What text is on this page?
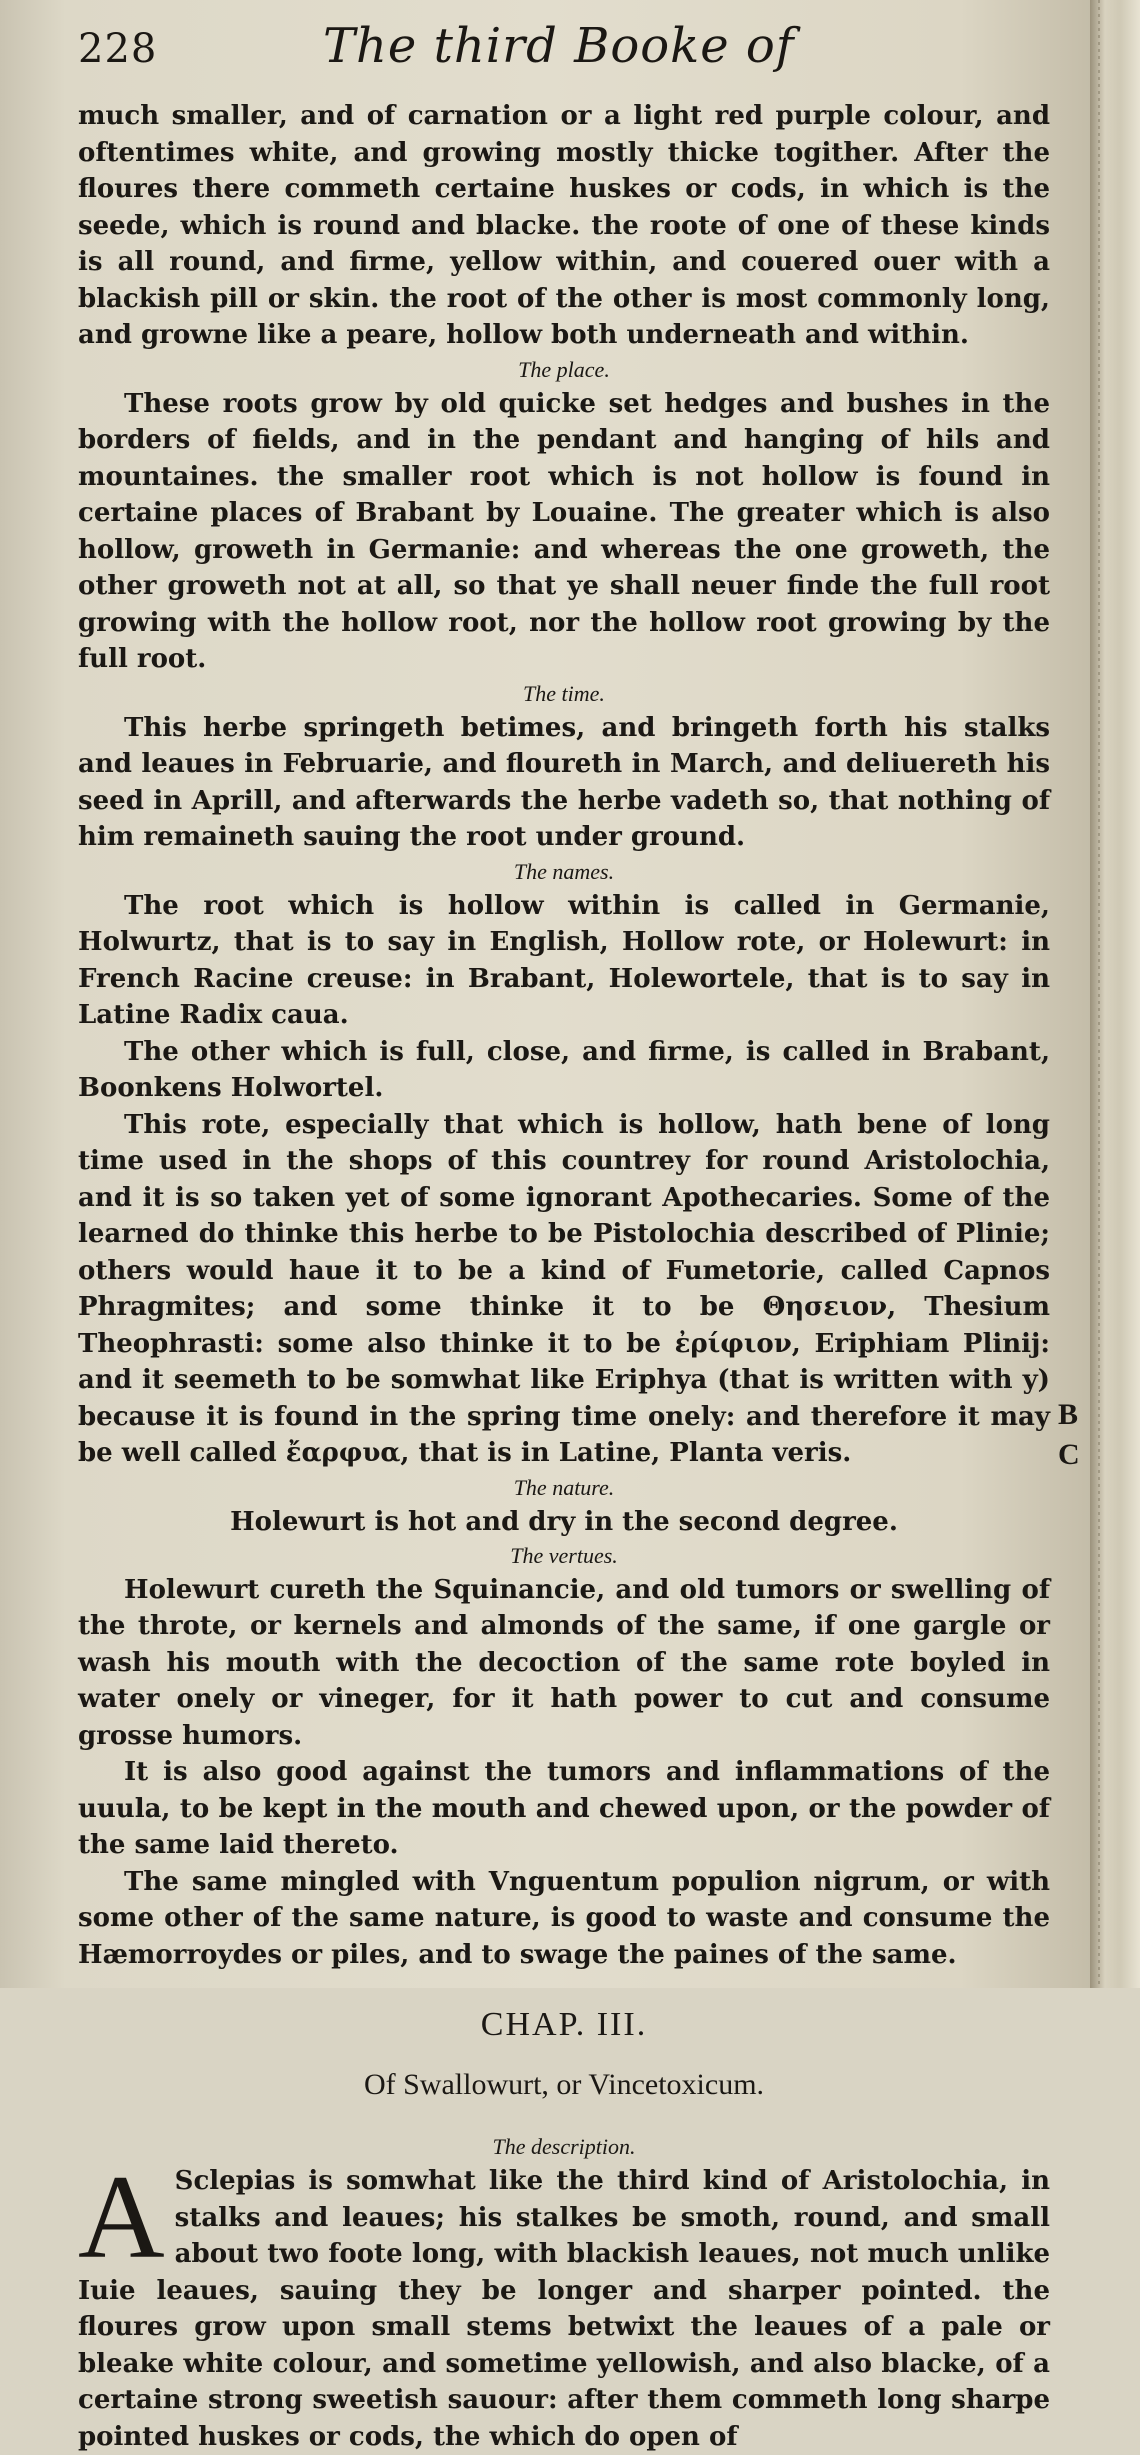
228	The third Booke of

much smaller, and of carnation or a light red purple colour, and oftentimes white, and growing mostly thicke togither. After the floures there commeth certaine huskes or cods, in which is the seede, which is round and blacke. the roote of one of these kinds is all round, and firme, yellow within, and couered ouer with a blackish pill or skin. the root of the other is most commonly long, and growne like a peare, hollow both underneath and within.

The place.

These roots grow by old quicke set hedges and bushes in the borders of fields, and in the pendant and hanging of hils and mountaines. the smaller root which is not hollow is found in certaine places of Brabant by Louaine. The greater which is also hollow, groweth in Germanie: and whereas the one groweth, the other groweth not at all, so that ye shall neuer finde the full root growing with the hollow root, nor the hollow root growing by the full root.

The time.

This herbe springeth betimes, and bringeth forth his stalks and leaues in Februarie, and floureth in March, and deliuereth his seed in Aprill, and afterwards the herbe vadeth so, that nothing of him remaineth sauing the root under ground.

The names.

The root which is hollow within is called in Germanie, Holwurtz, that is to say in English, Hollow rote, or Holewurt: in French Racine creuse: in Brabant, Holewortele, that is to say in Latine Radix caua.

The other which is full, close, and firme, is called in Brabant, Boonkens Holwortel.

This rote, especially that which is hollow, hath bene of long time used in the shops of this countrey for round Aristolochia, and it is so taken yet of some ignorant Apothecaries. Some of the learned do thinke this herbe to be Pistolochia described of Plinie; others would haue it to be a kind of Fumetorie, called Capnos Phragmites; and some thinke it to be Θησειον, Thesium Theophrasti: some also thinke it to be ἐρίφιον, Eriphiam Plinij: and it seemeth to be somwhat like Eriphya (that is written with y) because it is found in the spring time onely: and therefore it may be well called ἔαρφυα, that is in Latine, Planta veris.

The nature.

Holewurt is hot and dry in the second degree.

The vertues.

Holewurt cureth the Squinancie, and old tumors or swelling of the throte, or kernels and almonds of the same, if one gargle or wash his mouth with the decoction of the same rote boyled in water onely or vineger, for it hath power to cut and consume grosse humors.

It is also good against the tumors and inflammations of the uuula, to be kept in the mouth and chewed upon, or the powder of the same laid thereto.

The same mingled with Vnguentum populion nigrum, or with some other of the same nature, is good to waste and consume the Hæmorroydes or piles, and to swage the paines of the same.

CHAP. III.
Of Swallowurt, or Vincetoxicum.
The description.

A Sclepias is somwhat like the third kind of Aristolochia, in stalks and leaues; his stalkes be smoth, round, and small about two foote long, with blackish leaues, not much unlike Iuie leaues, sauing they be longer and sharper pointed. the floures grow upon small stems betwixt the leaues of a pale or bleake white colour, and sometime yellowish, and also blacke, of a certaine strong sweetish sauour: after them commeth long sharpe pointed huskes or cods, the which do open of

B
C
